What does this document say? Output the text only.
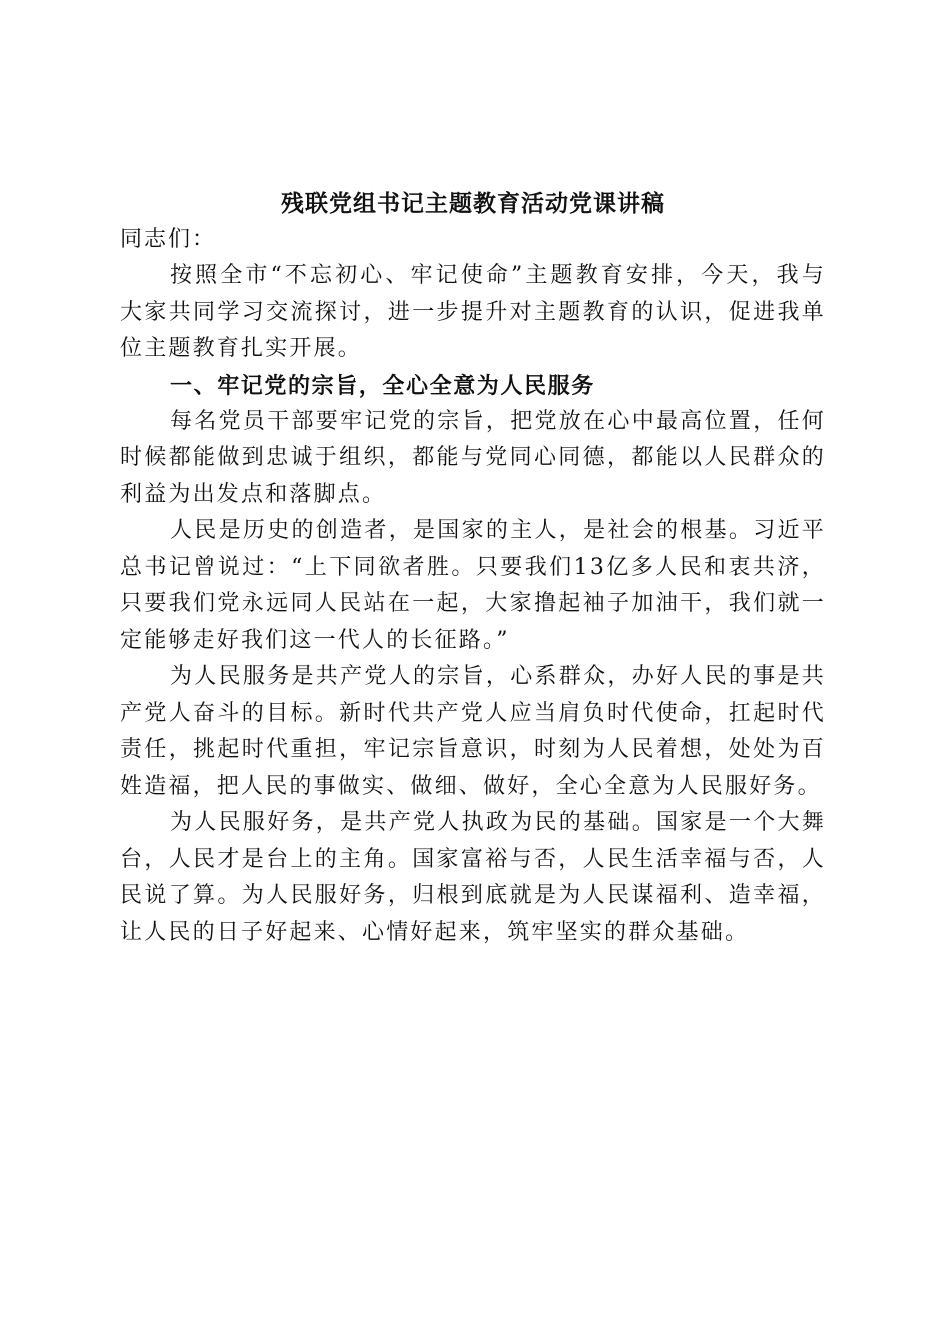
残联党组书记主题教育活动党课讲稿

同志们：

按照全市“不忘初心、牢记使命”主题教育安排，今天，我与大家共同学习交流探讨，进一步提升对主题教育的认识，促进我单位主题教育扎实开展。

一、牢记党的宗旨，全心全意为人民服务

每名党员干部要牢记党的宗旨，把党放在心中最高位置，任何时候都能做到忠诚于组织，都能与党同心同德，都能以人民群众的利益为出发点和落脚点。

人民是历史的创造者，是国家的主人，是社会的根基。习近平总书记曾说过：“上下同欲者胜。只要我们13亿多人民和衷共济，只要我们党永远同人民站在一起，大家撸起袖子加油干，我们就一定能够走好我们这一代人的长征路。”

为人民服务是共产党人的宗旨，心系群众，办好人民的事是共产党人奋斗的目标。新时代共产党人应当肩负时代使命，扛起时代责任，挑起时代重担，牢记宗旨意识，时刻为人民着想，处处为百姓造福，把人民的事做实、做细、做好，全心全意为人民服好务。

为人民服好务，是共产党人执政为民的基础。国家是一个大舞台，人民才是台上的主角。国家富裕与否，人民生活幸福与否，人民说了算。为人民服好务，归根到底就是为人民谋福利、造幸福，让人民的日子好起来、心情好起来，筑牢坚实的群众基础。
